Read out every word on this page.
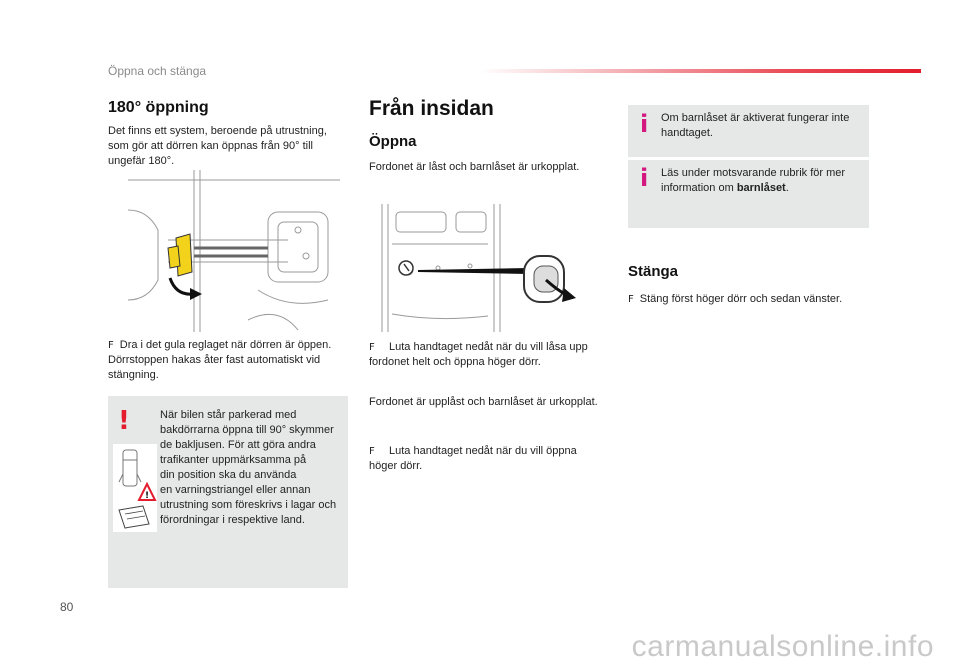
Öppna och stänga
180° öppning
Det finns ett system, beroende på utrustning,
som gör att dörren kan öppnas från 90° till
ungefär 180°.
F Dra i det gula reglaget när dörren är öppen.
Dörrstoppen hakas åter fast automatiskt vid
stängning.
!
!
När bilen står parkerad med
bakdörrarna öppna till 90° skymmer
de bakljusen. För att göra andra
trafikanter uppmärksamma på
din position ska du använda
en varningstriangel eller annan
utrustning som föreskrivs i lagar och
förordningar i respektive land.
Från insidan
Öppna
Fordonet är låst och barnlåset är urkopplat.
F Luta handtaget nedåt när du vill låsa upp
fordonet helt och öppna höger dörr.
Fordonet är upplåst och barnlåset är urkopplat.
F Luta handtaget nedåt när du vill öppna
höger dörr.
i Om barnlåset är aktiverat fungerar inte
handtaget.
i Läs under motsvarande rubrik för mer
information om barnlåset.
Stänga
F Stäng först höger dörr och sedan vänster.
80
carmanualsonline.info
